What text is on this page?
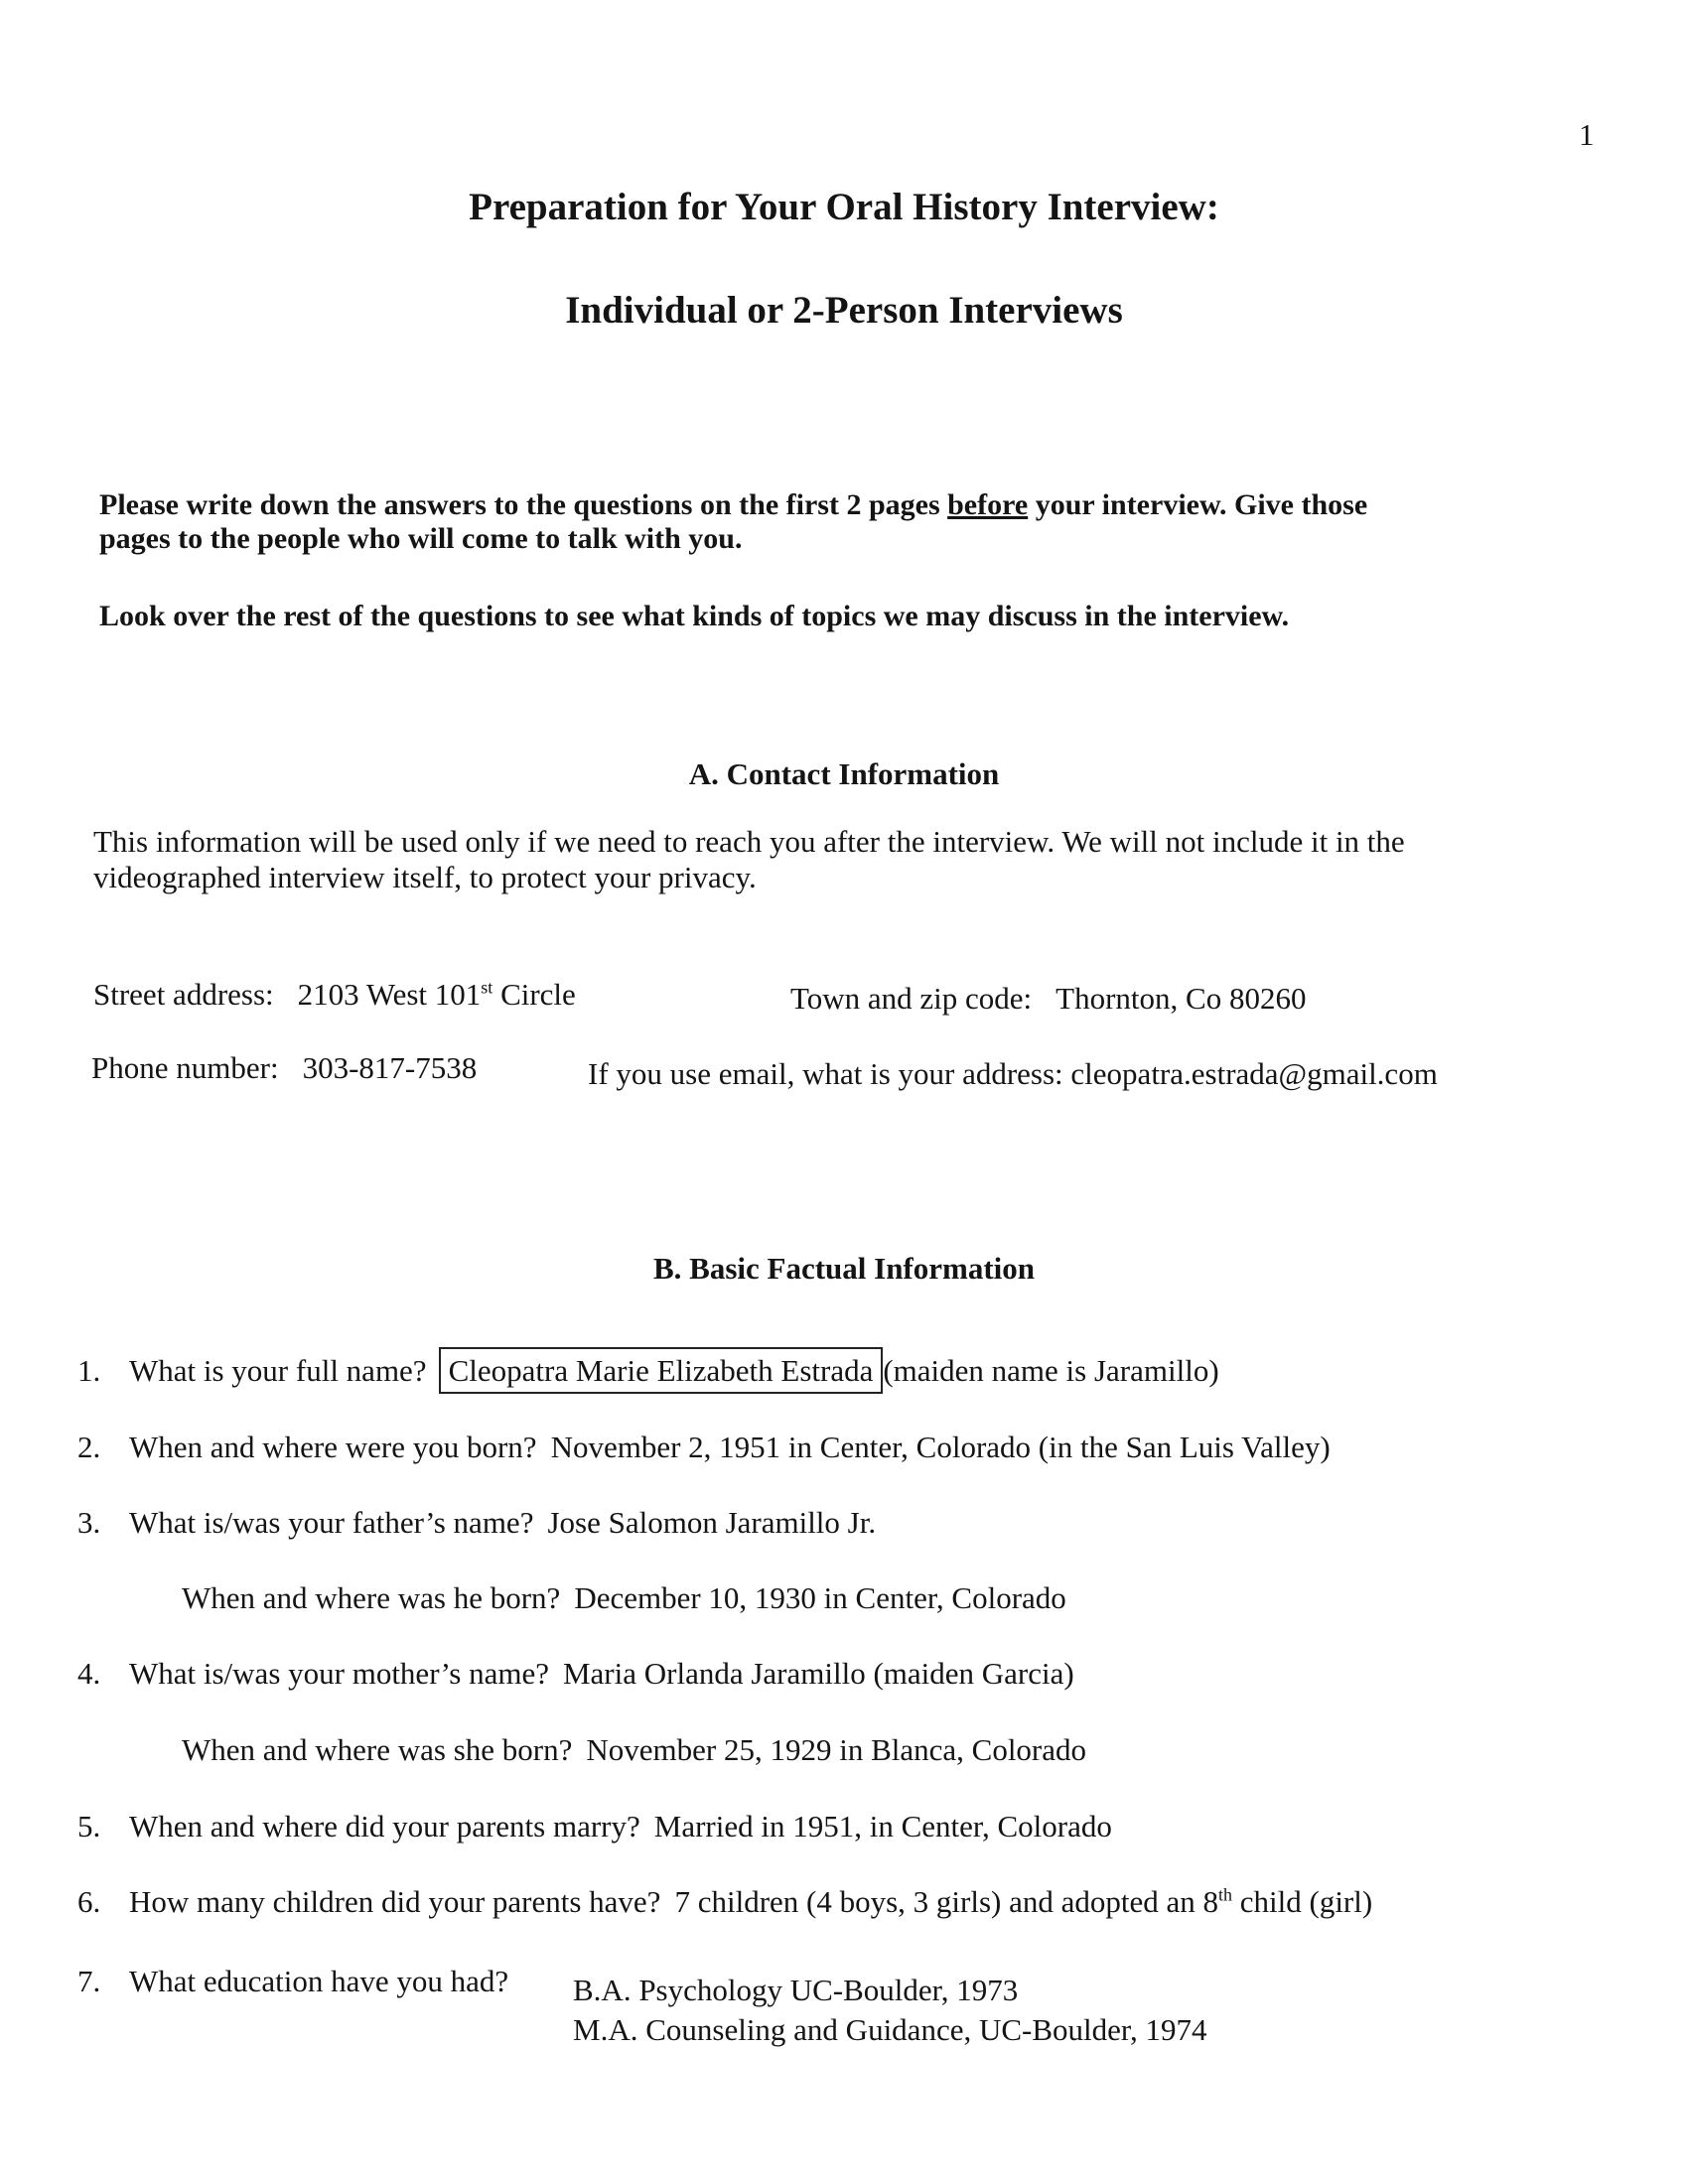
1
Preparation for Your Oral History Interview:
Individual or 2-Person Interviews
Please write down the answers to the questions on the first 2 pages before your interview. Give those
pages to the people who will come to talk with you.
Look over the rest of the questions to see what kinds of topics we may discuss in the interview.
A. Contact Information
This information will be used only if we need to reach you after the interview. We will not include it in the
videographed interview itself, to protect your privacy.
Street address: 2103 West 101st Circle	Town and zip code: Thornton, Co 80260
Phone number: 303-817-7538	If you use email, what is your address: cleopatra.estrada@gmail.com
B. Basic Factual Information
1. What is your full name? Cleopatra Marie Elizabeth Estrada (maiden name is Jaramillo)
2. When and where were you born? November 2, 1951 in Center, Colorado (in the San Luis Valley)
3. What is/was your father’s name? Jose Salomon Jaramillo Jr.
When and where was he born? December 10, 1930 in Center, Colorado
4. What is/was your mother’s name? Maria Orlanda Jaramillo (maiden Garcia)
When and where was she born? November 25, 1929 in Blanca, Colorado
5. When and where did your parents marry? Married in 1951, in Center, Colorado
6. How many children did your parents have? 7 children (4 boys, 3 girls) and adopted an 8th child (girl)
7. What education have you had? B.A. Psychology UC-Boulder, 1973
M.A. Counseling and Guidance, UC-Boulder, 1974
